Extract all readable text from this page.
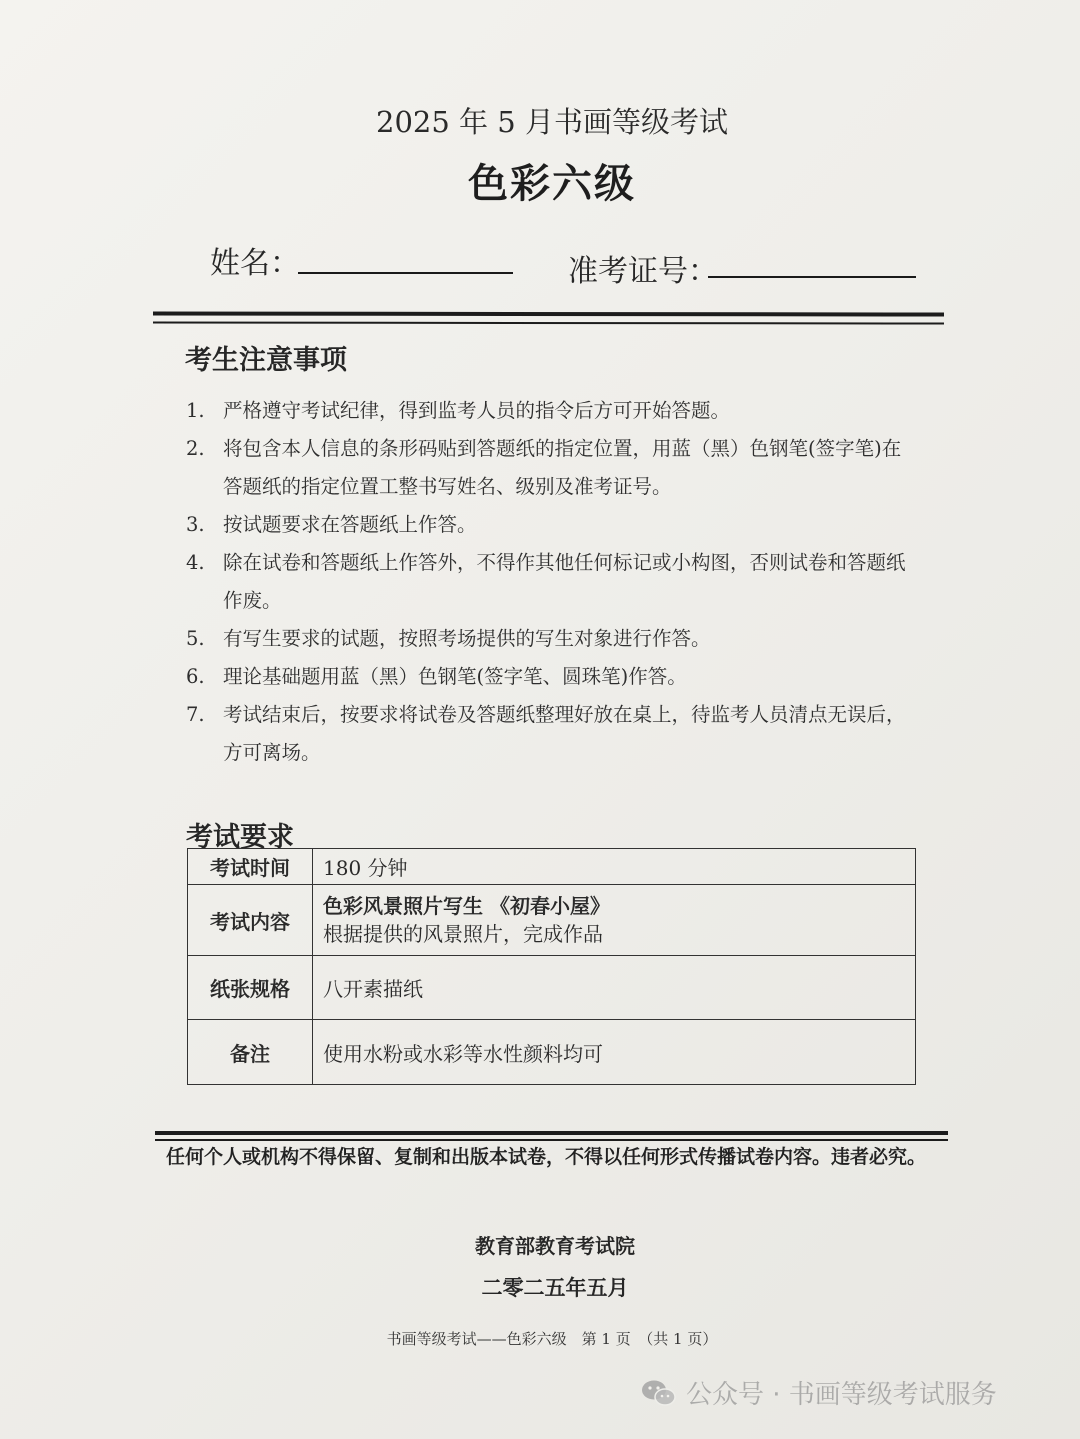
2025 年 5 月书画等级考试
色彩六级
姓名：	准考证号：
考生注意事项
1. 严格遵守考试纪律，得到监考人员的指令后方可开始答题。
2. 将包含本人信息的条形码贴到答题纸的指定位置，用蓝（黑）色钢笔(签字笔)在答题纸的指定位置工整书写姓名、级别及准考证号。
3. 按试题要求在答题纸上作答。
4. 除在试卷和答题纸上作答外，不得作其他任何标记或小构图，否则试卷和答题纸作废。
5. 有写生要求的试题，按照考场提供的写生对象进行作答。
6. 理论基础题用蓝（黑）色钢笔(签字笔、圆珠笔)作答。
7. 考试结束后，按要求将试卷及答题纸整理好放在桌上，待监考人员清点无误后，方可离场。
考试要求
考试时间	180 分钟
考试内容	色彩风景照片写生 《初春小屋》
根据提供的风景照片，完成作品

纸张规格	八开素描纸
备注	使用水粉或水彩等水性颜料均可
任何个人或机构不得保留、复制和出版本试卷，不得以任何形式传播试卷内容。违者必究。
教育部教育考试院
二零二五年五月
书画等级考试——色彩六级　第 1 页　（共 1 页）
公众号 · 书画等级考试服务
